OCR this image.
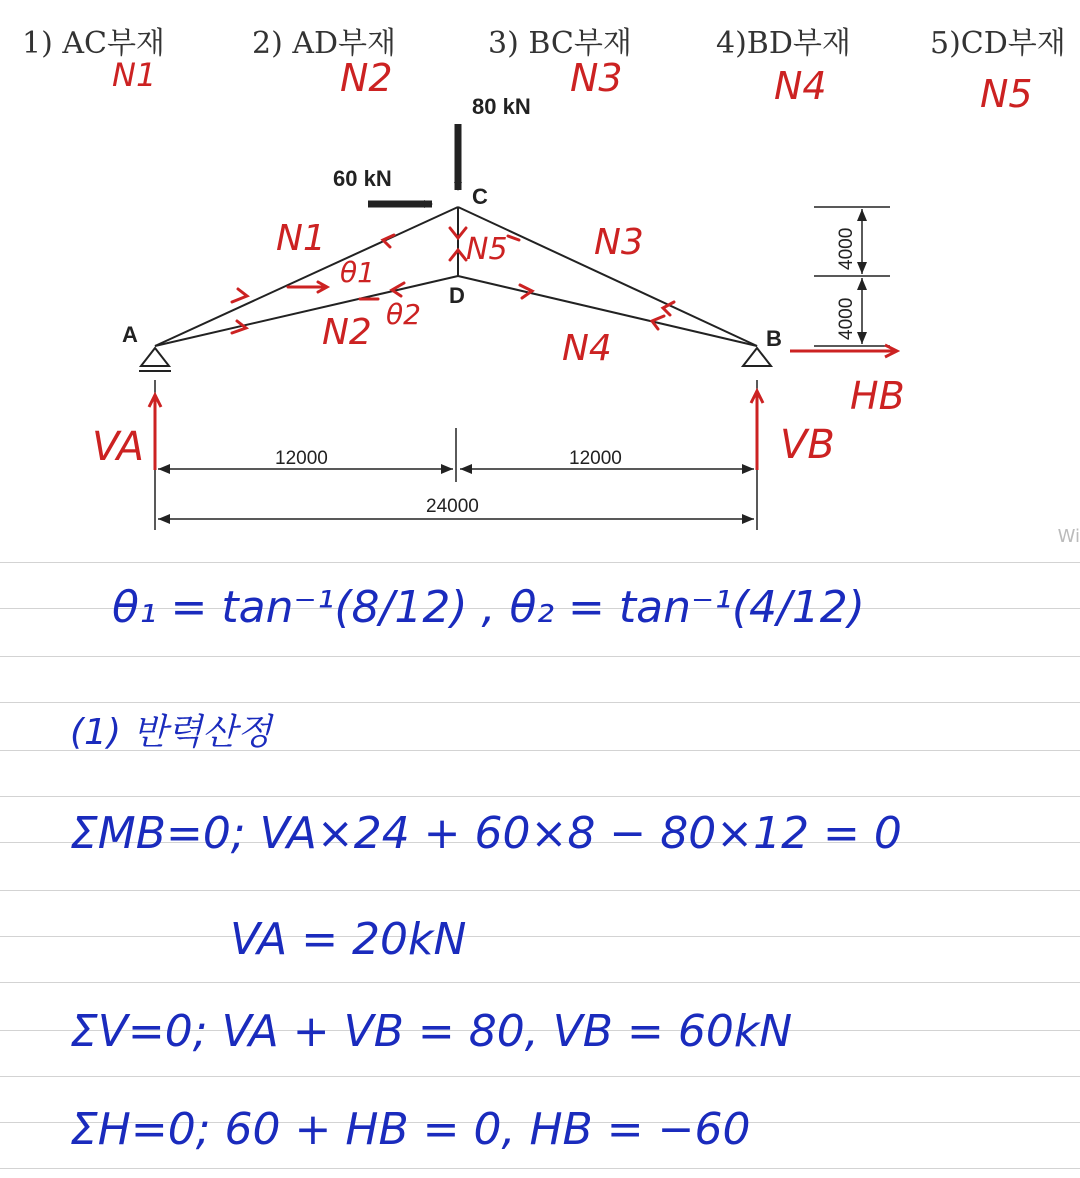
1) AC부재	2) AD부재	3) BC부재	4)BD부재	5)CD부재
N1	N2	N3	N4	N5
A	B
C
D
80 kN
60 kN
4000
4000
12000	12000
24000
N1
N2
N3
N4
N5
θ1
θ2
VA	VB
HB
Wi
θ₁ = tan⁻¹(8/12) , θ₂ = tan⁻¹(4/12)
(1) 반력산정
ΣMB=0; VA×24 + 60×8 − 80×12 = 0
VA = 20kN
ΣV=0; VA + VB = 80, VB = 60kN
ΣH=0; 60 + HB = 0, HB = −60
